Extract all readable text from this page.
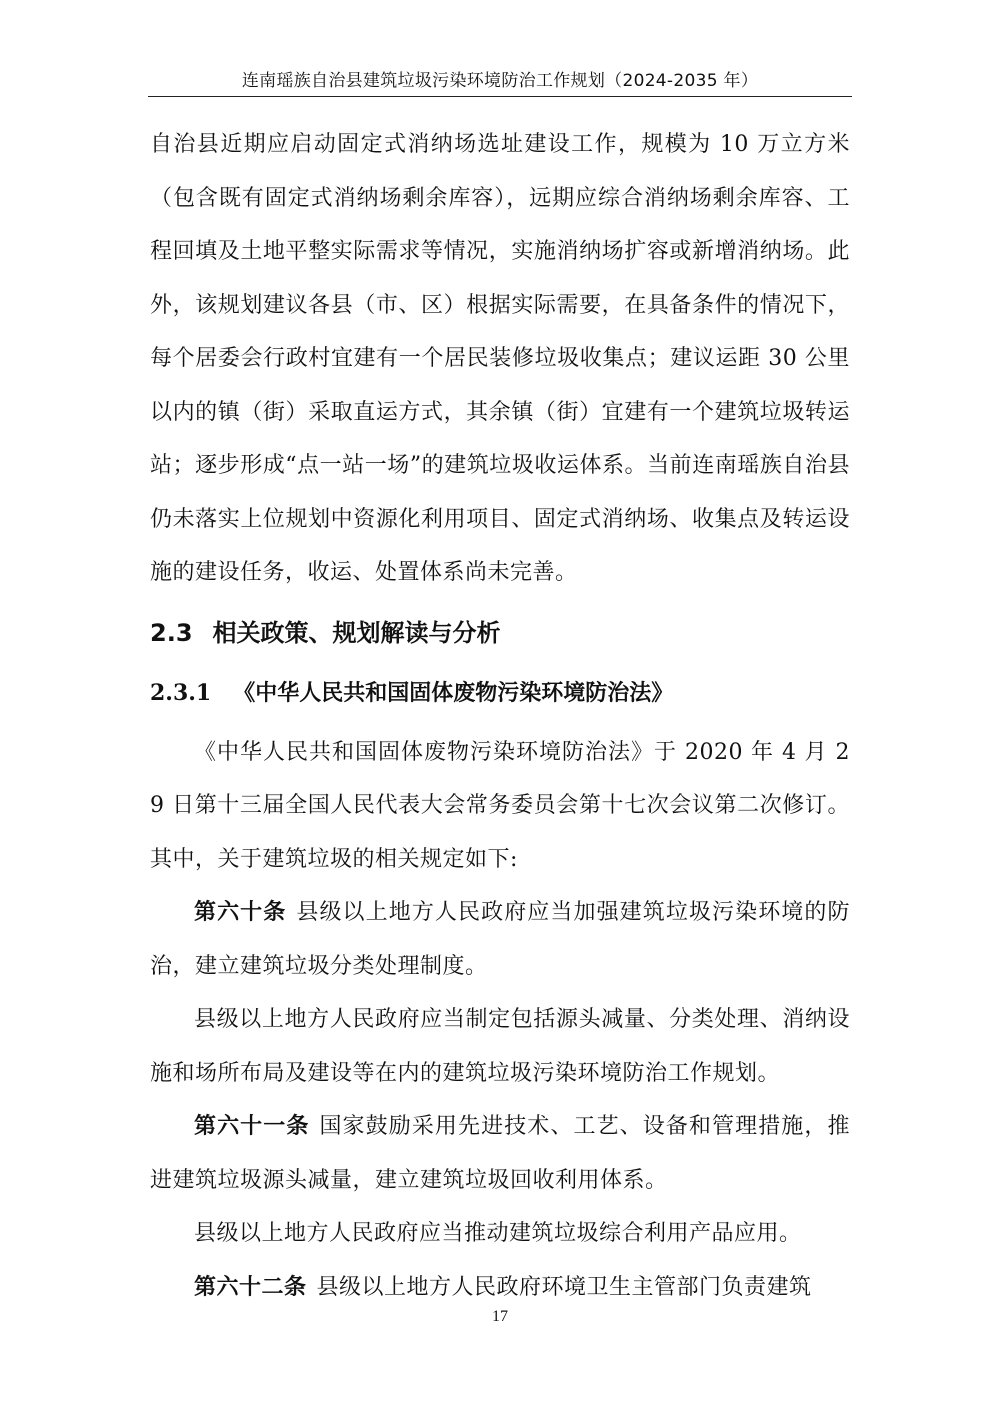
连南瑶族自治县建筑垃圾污染环境防治工作规划（2024-2035 年）

自治县近期应启动固定式消纳场选址建设工作，规模为 10 万立方米（包含既有固定式消纳场剩余库容），远期应综合消纳场剩余库容、工程回填及土地平整实际需求等情况，实施消纳场扩容或新增消纳场。此外，该规划建议各县（市、区）根据实际需要，在具备条件的情况下，每个居委会行政村宜建有一个居民装修垃圾收集点；建议运距 30 公里以内的镇（街）采取直运方式，其余镇（街）宜建有一个建筑垃圾转运站；逐步形成“点一站一场”的建筑垃圾收运体系。当前连南瑶族自治县仍未落实上位规划中资源化利用项目、固定式消纳场、收集点及转运设施的建设任务，收运、处置体系尚未完善。

2.3 相关政策、规划解读与分析
2.3.1 《中华人民共和国固体废物污染环境防治法》

《中华人民共和国固体废物污染环境防治法》于 2020 年 4 月 29 日第十三届全国人民代表大会常务委员会第十七次会议第二次修订。其中，关于建筑垃圾的相关规定如下:

第六十条 县级以上地方人民政府应当加强建筑垃圾污染环境的防治，建立建筑垃圾分类处理制度。

县级以上地方人民政府应当制定包括源头减量、分类处理、消纳设施和场所布局及建设等在内的建筑垃圾污染环境防治工作规划。

第六十一条 国家鼓励采用先进技术、工艺、设备和管理措施，推进建筑垃圾源头减量，建立建筑垃圾回收利用体系。

县级以上地方人民政府应当推动建筑垃圾综合利用产品应用。

第六十二条 县级以上地方人民政府环境卫生主管部门负责建筑

17
